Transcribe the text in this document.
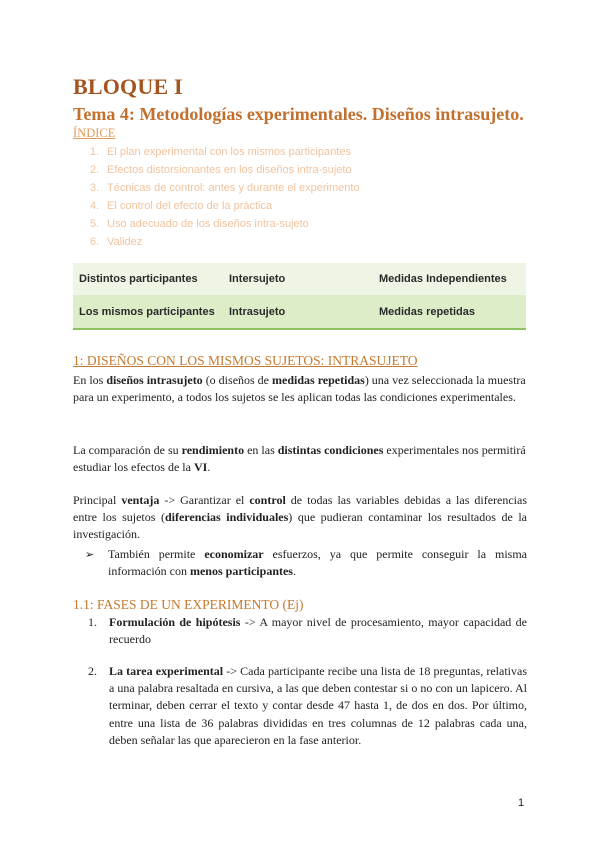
BLOQUE I
Tema 4: Metodologías experimentales. Diseños intrasujeto.
ÍNDICE
1. El plan experimental con los mismos participantes
2. Efectos distorsionantes en los diseños intra-sujeto
3. Técnicas de control: antes y durante el experimento
4. El control del efecto de la práctica
5. Uso adecuado de los diseños intra-sujeto
6. Validez
Distintos participantes	Intersujeto	Medidas Independientes
Los mismos participantes	Intrasujeto	Medidas repetidas
1: DISEÑOS CON LOS MISMOS SUJETOS: INTRASUJETO

En los diseños intrasujeto (o diseños de medidas repetidas) una vez seleccionada la muestra para un experimento, a todos los sujetos se les aplican todas las condiciones experimentales.

La comparación de su rendimiento en las distintas condiciones experimentales nos permitirá estudiar los efectos de la VI.

Principal ventaja -> Garantizar el control de todas las variables debidas a las diferencias entre los sujetos (diferencias individuales) que pudieran contaminar los resultados de la investigación.

➢ También permite economizar esfuerzos, ya que permite conseguir la misma información con menos participantes.
1.1: FASES DE UN EXPERIMENTO (Ej)
1. Formulación de hipótesis -> A mayor nivel de procesamiento, mayor capacidad de recuerdo
2. La tarea experimental -> Cada participante recibe una lista de 18 preguntas, relativas a una palabra resaltada en cursiva, a las que deben contestar si o no con un lapicero. Al terminar, deben cerrar el texto y contar desde 47 hasta 1, de dos en dos. Por último, entre una lista de 36 palabras divididas en tres columnas de 12 palabras cada una, deben señalar las que aparecieron en la fase anterior.
1
